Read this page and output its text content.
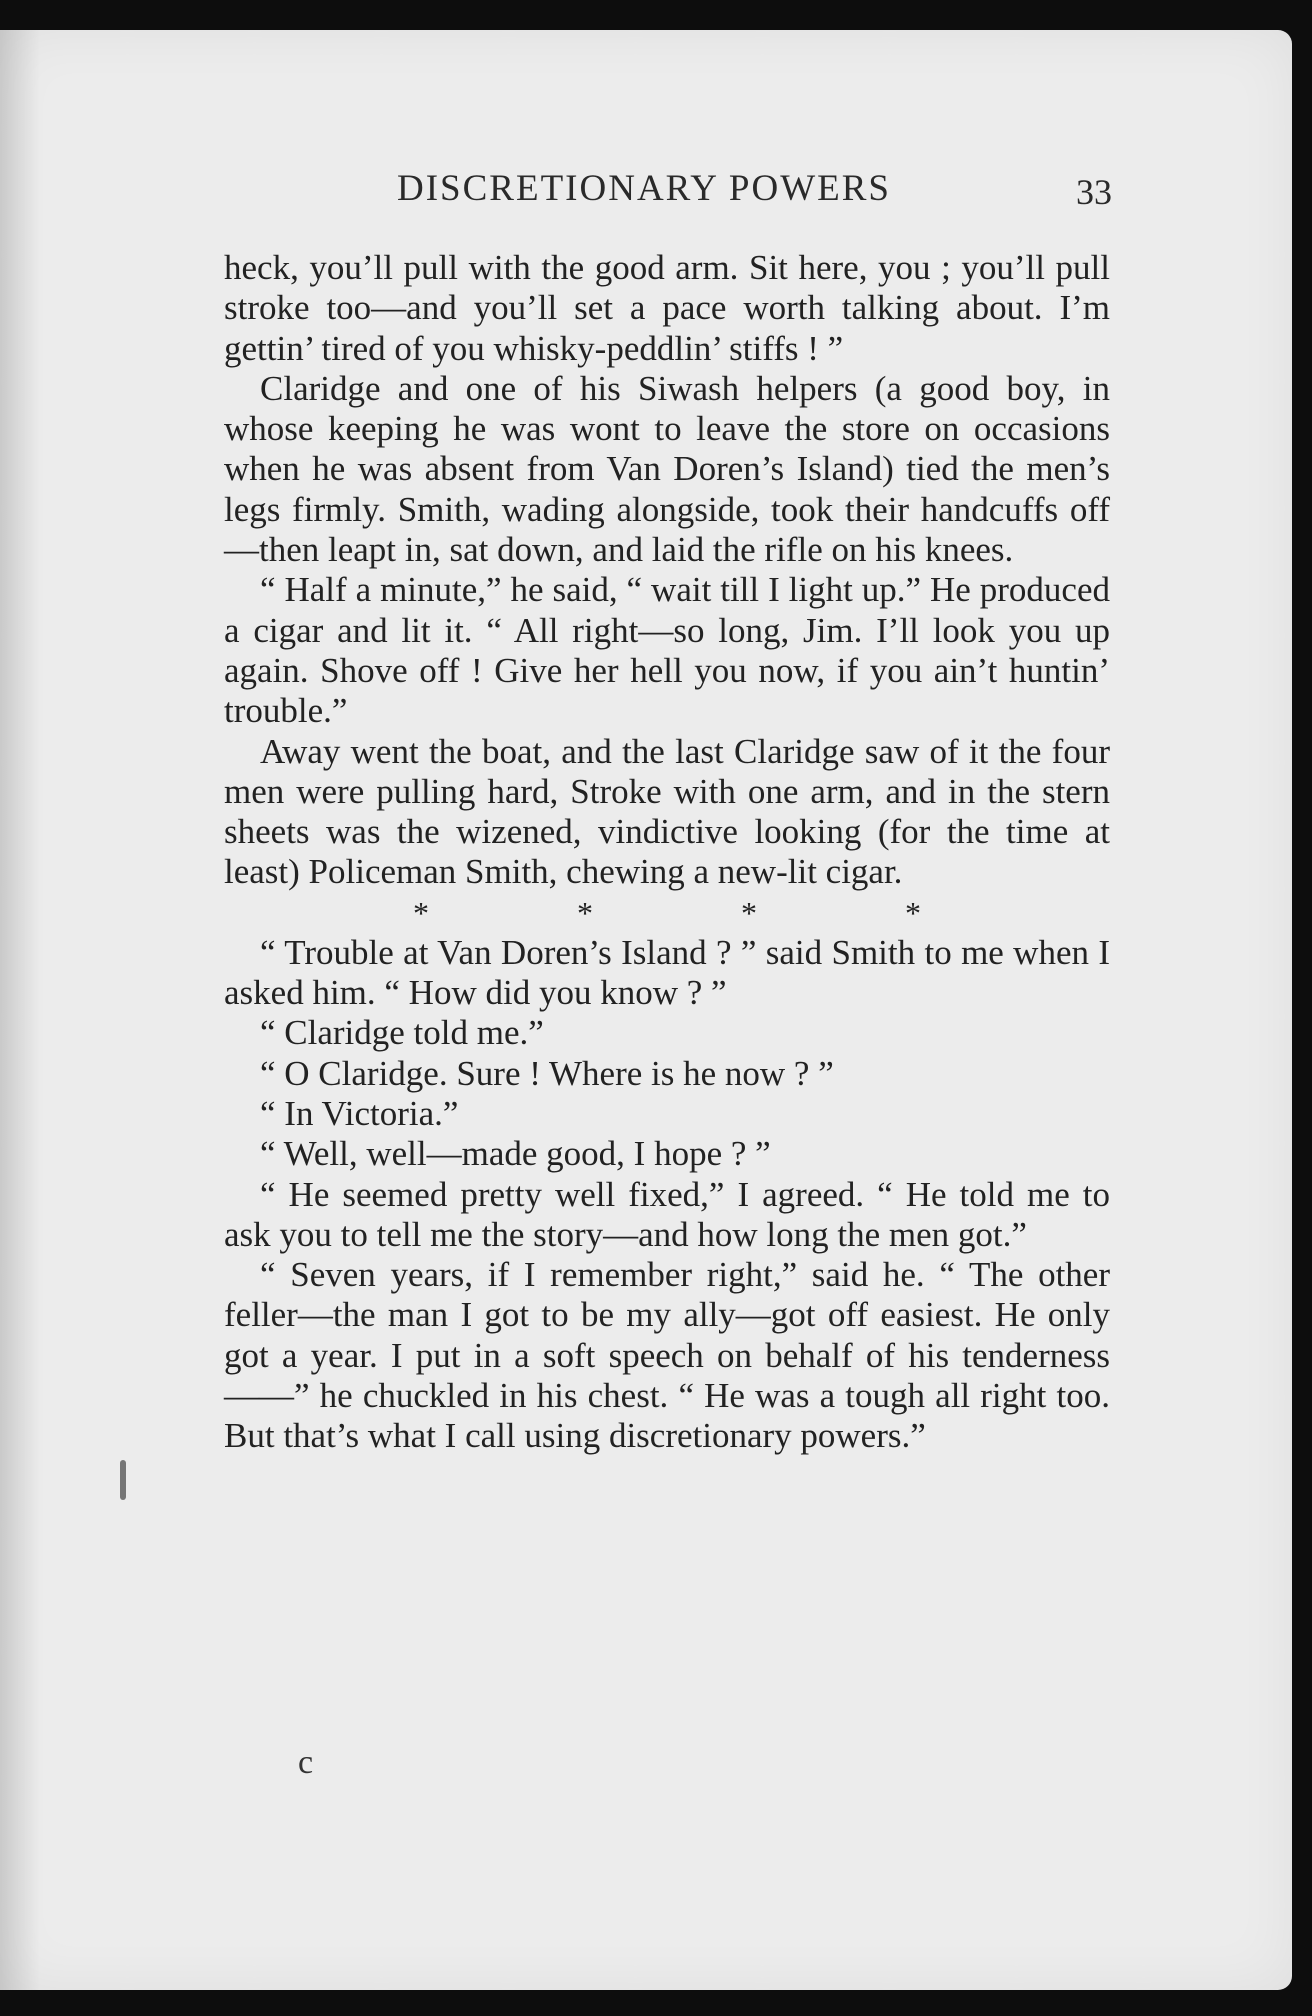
DISCRETIONARY POWERS	33

heck, you’ll pull with the good arm. Sit here, you ; you’ll pull stroke too—and you’ll set a pace worth talking about. I’m gettin’ tired of you whisky-peddlin’ stiffs ! ”

Claridge and one of his Siwash helpers (a good boy, in whose keeping he was wont to leave the store on occasions when he was absent from Van Doren’s Island) tied the men’s legs firmly. Smith, wading alongside, took their handcuffs off—then leapt in, sat down, and laid the rifle on his knees.

“ Half a minute,” he said, “ wait till I light up.” He produced a cigar and lit it. “ All right—so long, Jim. I’ll look you up again. Shove off ! Give her hell you now, if you ain’t huntin’ trouble.”

Away went the boat, and the last Claridge saw of it the four men were pulling hard, Stroke with one arm, and in the stern sheets was the wizened, vindictive looking (for the time at least) Policeman Smith, chewing a new-lit cigar.

* * * *

“ Trouble at Van Doren’s Island ? ” said Smith to me when I asked him. “ How did you know ? ”

“ Claridge told me.”

“ O Claridge. Sure ! Where is he now ? ”

“ In Victoria.”

“ Well, well—made good, I hope ? ”

“ He seemed pretty well fixed,” I agreed. “ He told me to ask you to tell me the story—and how long the men got.”

“ Seven years, if I remember right,” said he. “ The other feller—the man I got to be my ally—got off easiest. He only got a year. I put in a soft speech on behalf of his tenderness——” he chuckled in his chest. “ He was a tough all right too. But that’s what I call using discretionary powers.”

c
